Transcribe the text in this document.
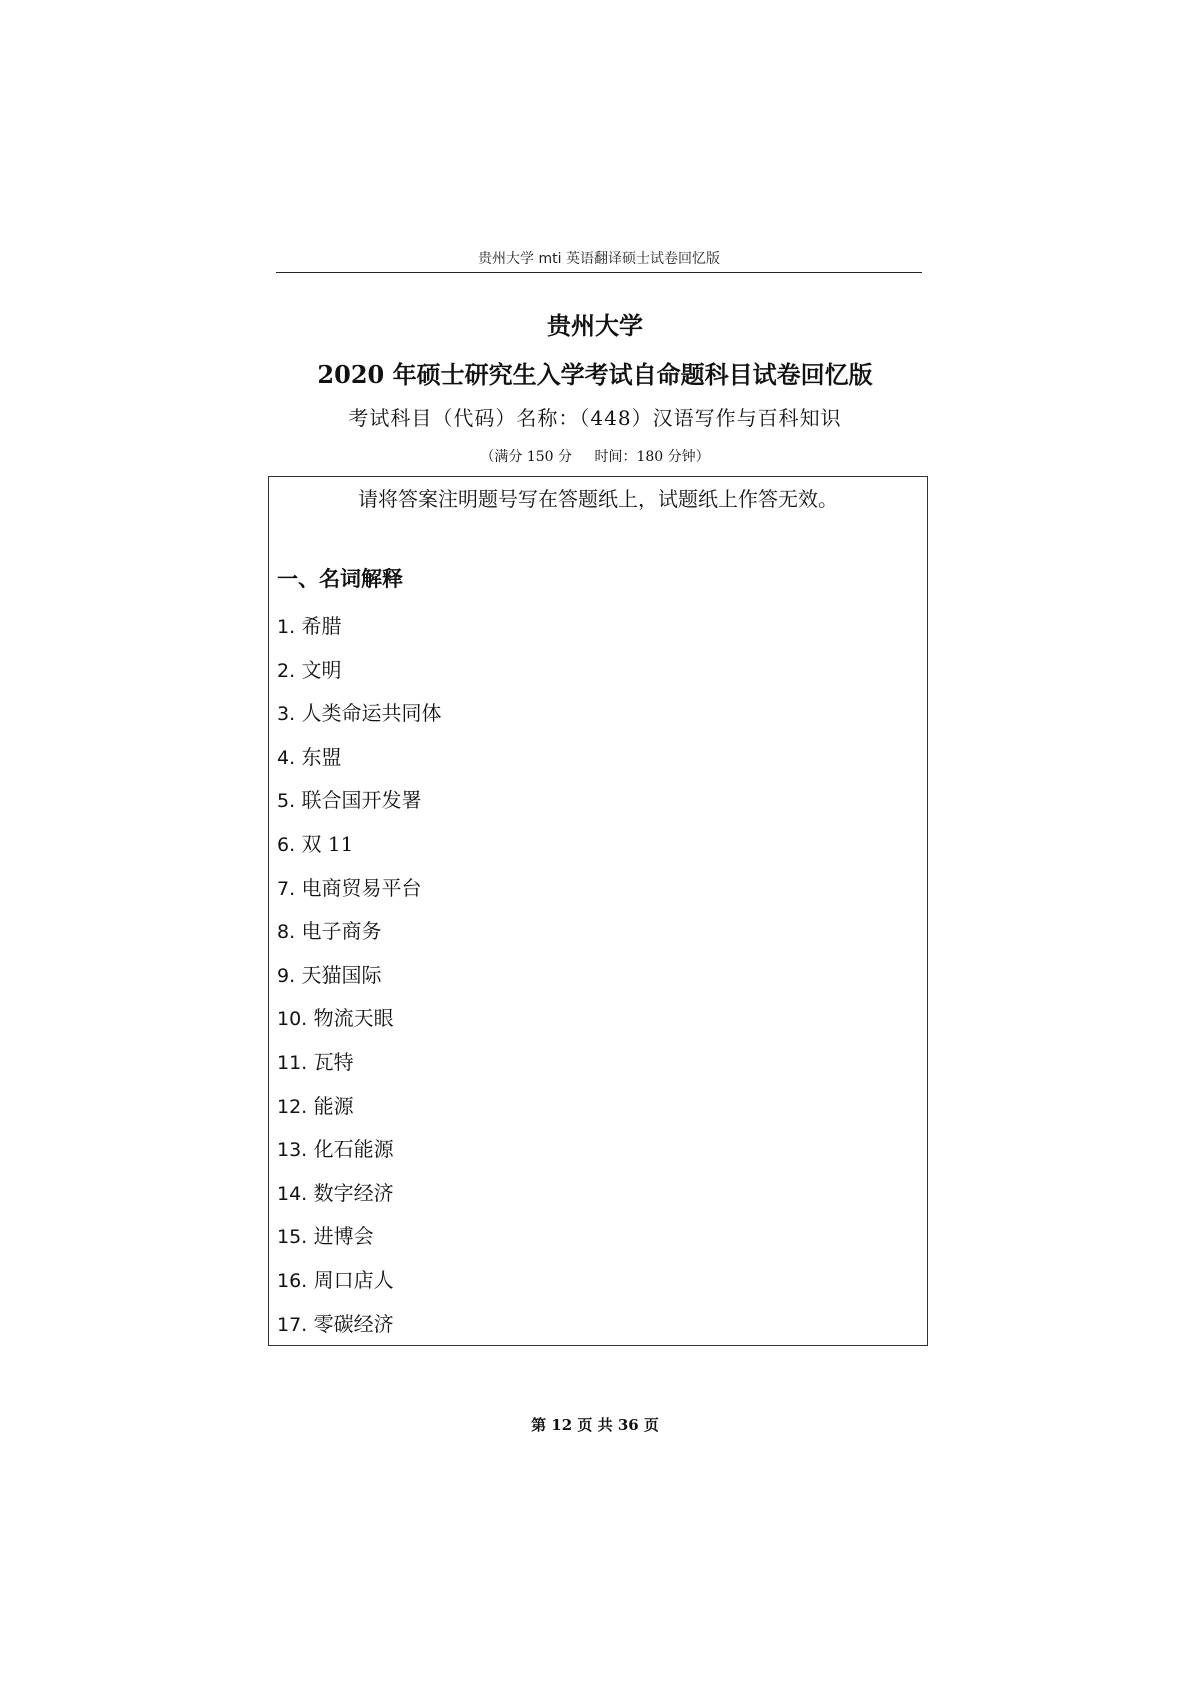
贵州大学 mti 英语翻译硕士试卷回忆版
贵州大学
2020 年硕士研究生入学考试自命题科目试卷回忆版
考试科目（代码）名称：（448）汉语写作与百科知识
（满分 150 分 时间：180 分钟）
请将答案注明题号写在答题纸上，试题纸上作答无效。
一、名词解释
1. 希腊
2. 文明
3. 人类命运共同体
4. 东盟
5. 联合国开发署
6. 双 11
7. 电商贸易平台
8. 电子商务
9. 天猫国际
10. 物流天眼
11. 瓦特
12. 能源
13. 化石能源
14. 数字经济
15. 进博会
16. 周口店人
17. 零碳经济
第 12 页 共 36 页
